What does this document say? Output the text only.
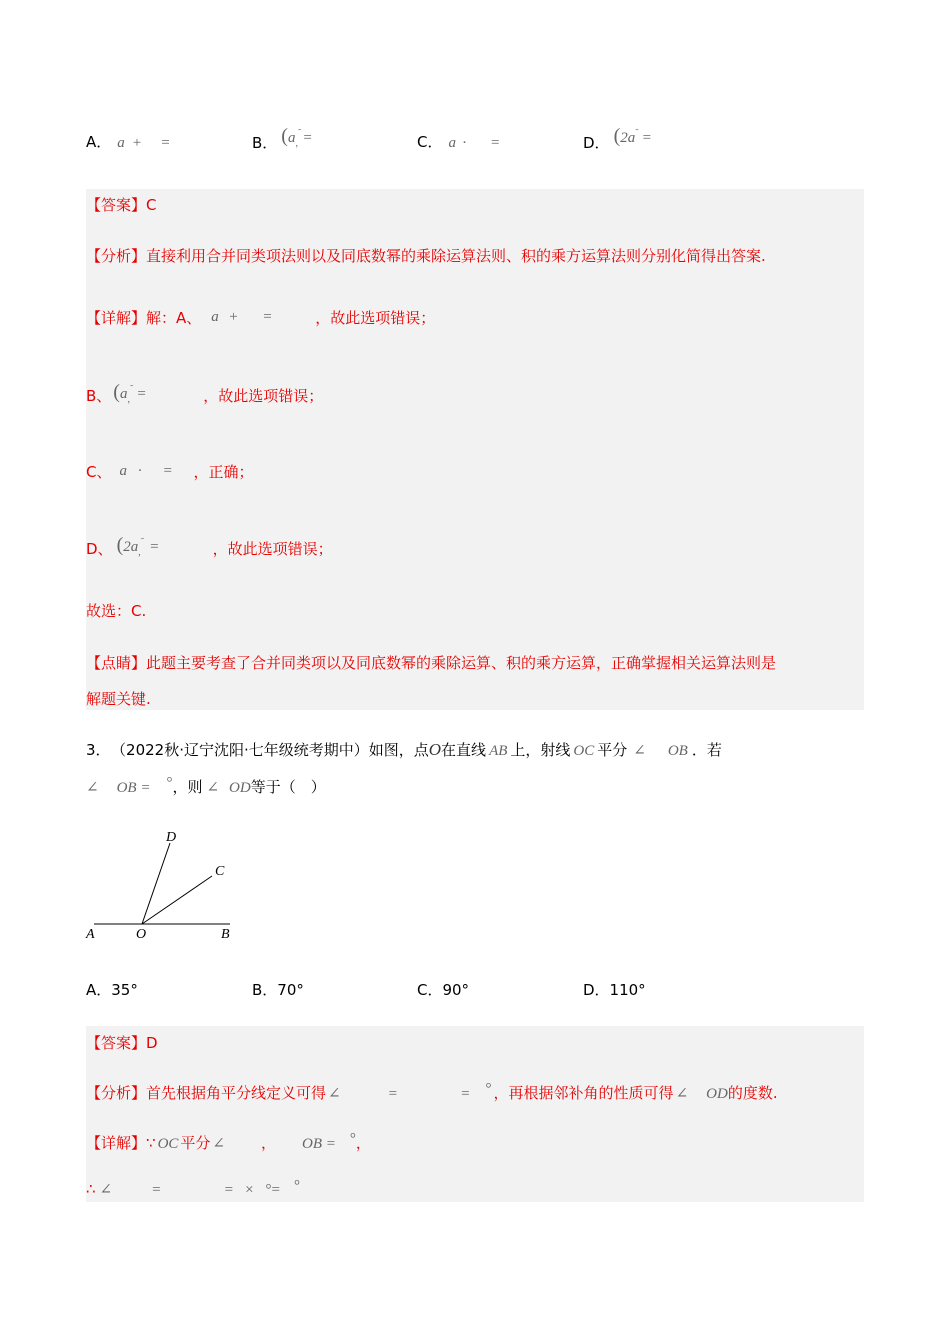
A． a + =	B． ($a_,^˜$ =	C． a · =	D． (2a˜ =
【答案】C
【分析】直接利用合并同类项法则以及同底数幂的乘除运算法则、积的乘方运算法则分别化简得出答案.
【详解】解：A、 a + =	，故此选项错误；
B、 ($a_,^˜$ =	，故此选项错误；
C、 a · = ，正确；
D、 ($2a_,^˜$ =	，故此选项错误；
故选：C.
【点睛】此题主要考查了合并同类项以及同底数幂的乘除运算、积的乘方运算，正确掌握相关运算法则是
解题关键.
3． （2022秋·辽宁沈阳·七年级统考期中）如图，点O在直线 AB 上，射线 OC 平分 ∠ OB ．若
∠ OB = °，则 ∠ OD等于（　）
A	O	B
C
D
A．35°	B．70°	C．90°	D．110°
【答案】D
【分析】首先根据角平分线定义可得 ∠	=	= ° ，再根据邻补角的性质可得 ∠ OD的度数.
【详解】∵ OC 平分 ∠ ， OB = °，
∴ ∠	=	= × °= °
